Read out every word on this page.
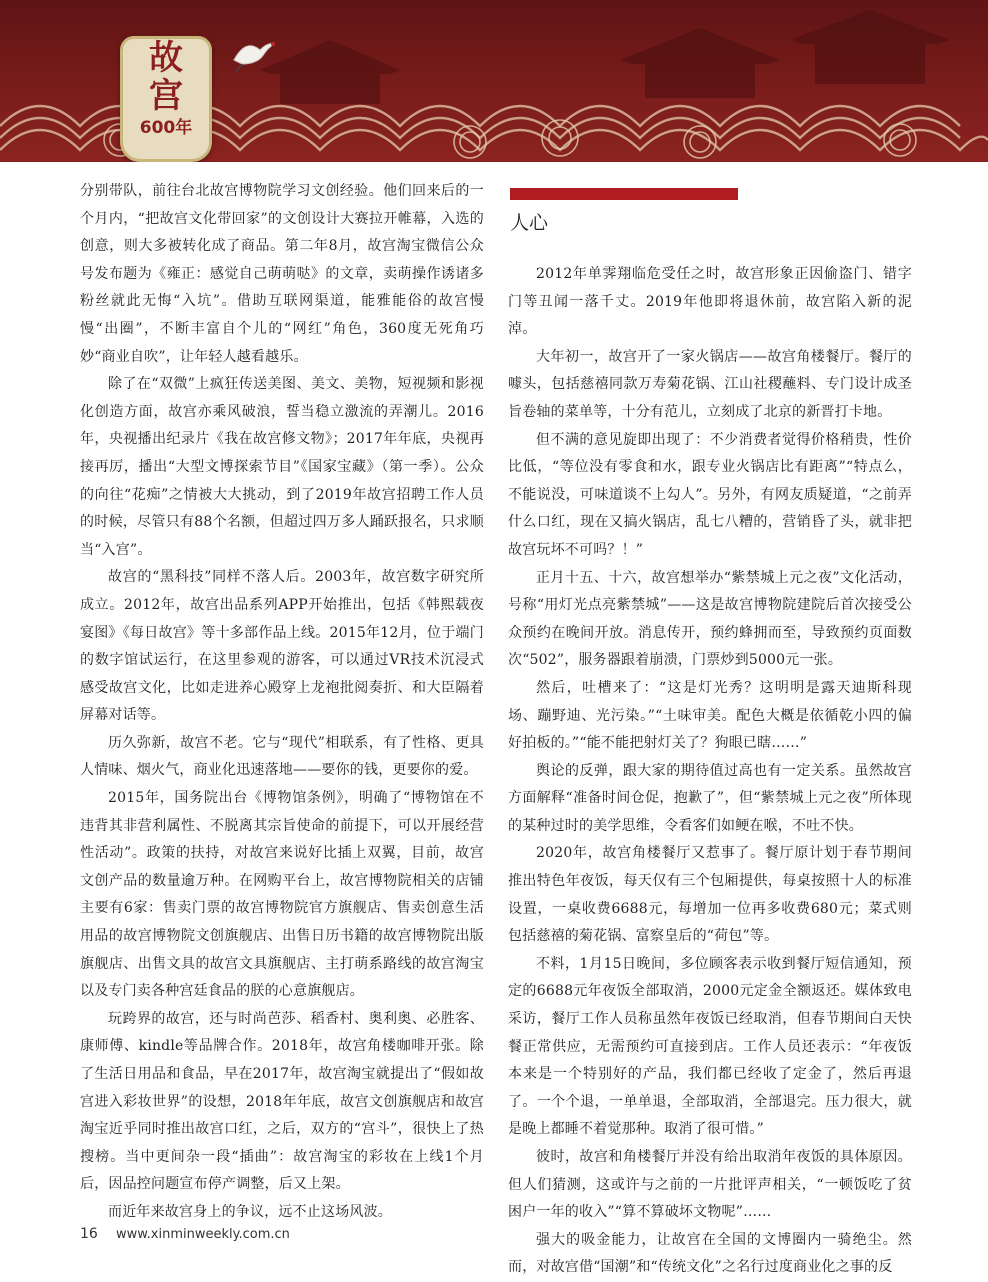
故
宫
600年

分别带队，前往台北故宫博物院学习文创经验。他们回来后的一个月内，“把故宫文化带回家”的文创设计大赛拉开帷幕，入选的创意，则大多被转化成了商品。第二年8月，故宫淘宝微信公众号发布题为《雍正：感觉自己萌萌哒》的文章，卖萌操作诱诸多粉丝就此无悔“入坑”。借助互联网渠道，能雅能俗的故宫慢慢“出圈”，不断丰富自个儿的“网红”角色，360度无死角巧妙“商业自吹”，让年轻人越看越乐。

除了在“双微”上疯狂传送美图、美文、美物，短视频和影视化创造方面，故宫亦乘风破浪，誓当稳立激流的弄潮儿。2016年，央视播出纪录片《我在故宫修文物》；2017年年底，央视再接再厉，播出“大型文博探索节目”《国家宝藏》（第一季）。公众的向往“花痴”之情被大大挑动，到了2019年故宫招聘工作人员的时候，尽管只有88个名额，但超过四万多人踊跃报名，只求顺当“入宫”。

故宫的“黑科技”同样不落人后。2003年，故宫数字研究所成立。2012年，故宫出品系列APP开始推出，包括《韩熙载夜宴图》《每日故宫》等十多部作品上线。2015年12月，位于端门的数字馆试运行，在这里参观的游客，可以通过VR技术沉浸式感受故宫文化，比如走进养心殿穿上龙袍批阅奏折、和大臣隔着屏幕对话等。

历久弥新，故宫不老。它与“现代”相联系，有了性格、更具人情味、烟火气，商业化迅速落地——要你的钱，更要你的爱。

2015年，国务院出台《博物馆条例》，明确了“博物馆在不违背其非营利属性、不脱离其宗旨使命的前提下，可以开展经营性活动”。政策的扶持，对故宫来说好比插上双翼，目前，故宫文创产品的数量逾万种。在网购平台上，故宫博物院相关的店铺主要有6家：售卖门票的故宫博物院官方旗舰店、售卖创意生活用品的故宫博物院文创旗舰店、出售日历书籍的故宫博物院出版旗舰店、出售文具的故宫文具旗舰店、主打萌系路线的故宫淘宝以及专门卖各种宫廷食品的朕的心意旗舰店。

玩跨界的故宫，还与时尚芭莎、稻香村、奥利奥、必胜客、康师傅、kindle等品牌合作。2018年，故宫角楼咖啡开张。除了生活日用品和食品，早在2017年，故宫淘宝就提出了“假如故宫进入彩妆世界”的设想，2018年年底，故宫文创旗舰店和故宫淘宝近乎同时推出故宫口红，之后，双方的“宫斗”，很快上了热搜榜。当中更间杂一段“插曲”：故宫淘宝的彩妆在上线1个月后，因品控问题宣布停产调整，后又上架。

而近年来故宫身上的争议，远不止这场风波。

人心

2012年单霁翔临危受任之时，故宫形象正因偷盗门、错字门等丑闻一落千丈。2019年他即将退休前，故宫陷入新的泥淖。

大年初一，故宫开了一家火锅店——故宫角楼餐厅。餐厅的噱头，包括慈禧同款万寿菊花锅、江山社稷蘸料、专门设计成圣旨卷轴的菜单等，十分有范儿，立刻成了北京的新晋打卡地。

但不满的意见旋即出现了：不少消费者觉得价格稍贵，性价比低，“等位没有零食和水，跟专业火锅店比有距离”“特点么，不能说没，可味道谈不上勾人”。另外，有网友质疑道，“之前弄什么口红，现在又搞火锅店，乱七八糟的，营销昏了头，就非把故宫玩坏不可吗？！”

正月十五、十六，故宫想举办“紫禁城上元之夜”文化活动，号称“用灯光点亮紫禁城”——这是故宫博物院建院后首次接受公众预约在晚间开放。消息传开，预约蜂拥而至，导致预约页面数次“502”，服务器跟着崩溃，门票炒到5000元一张。

然后，吐槽来了：“这是灯光秀？这明明是露天迪斯科现场、蹦野迪、光污染。”“土味审美。配色大概是依循乾小四的偏好拍板的。”“能不能把射灯关了？狗眼已瞎……”

舆论的反弹，跟大家的期待值过高也有一定关系。虽然故宫方面解释“准备时间仓促，抱歉了”，但“紫禁城上元之夜”所体现的某种过时的美学思维，令看客们如鲠在喉，不吐不快。

2020年，故宫角楼餐厅又惹事了。餐厅原计划于春节期间推出特色年夜饭，每天仅有三个包厢提供，每桌按照十人的标准设置，一桌收费6688元，每增加一位再多收费680元；菜式则包括慈禧的菊花锅、富察皇后的“荷包”等。

不料，1月15日晚间，多位顾客表示收到餐厅短信通知，预定的6688元年夜饭全部取消，2000元定金全额返还。媒体致电采访，餐厅工作人员称虽然年夜饭已经取消，但春节期间白天快餐正常供应，无需预约可直接到店。工作人员还表示：“年夜饭本来是一个特别好的产品，我们都已经收了定金了，然后再退了。一个个退，一单单退，全部取消，全部退完。压力很大，就是晚上都睡不着觉那种。取消了很可惜。”

彼时，故宫和角楼餐厅并没有给出取消年夜饭的具体原因。但人们猜测，这或许与之前的一片批评声相关，“一顿饭吃了贫困户一年的收入”“算不算破坏文物呢”……

强大的吸金能力，让故宫在全国的文博圈内一骑绝尘。然而，对故宫借“国潮”和“传统文化”之名行过度商业化之事的反

16 www.xinminweekly.com.cn
